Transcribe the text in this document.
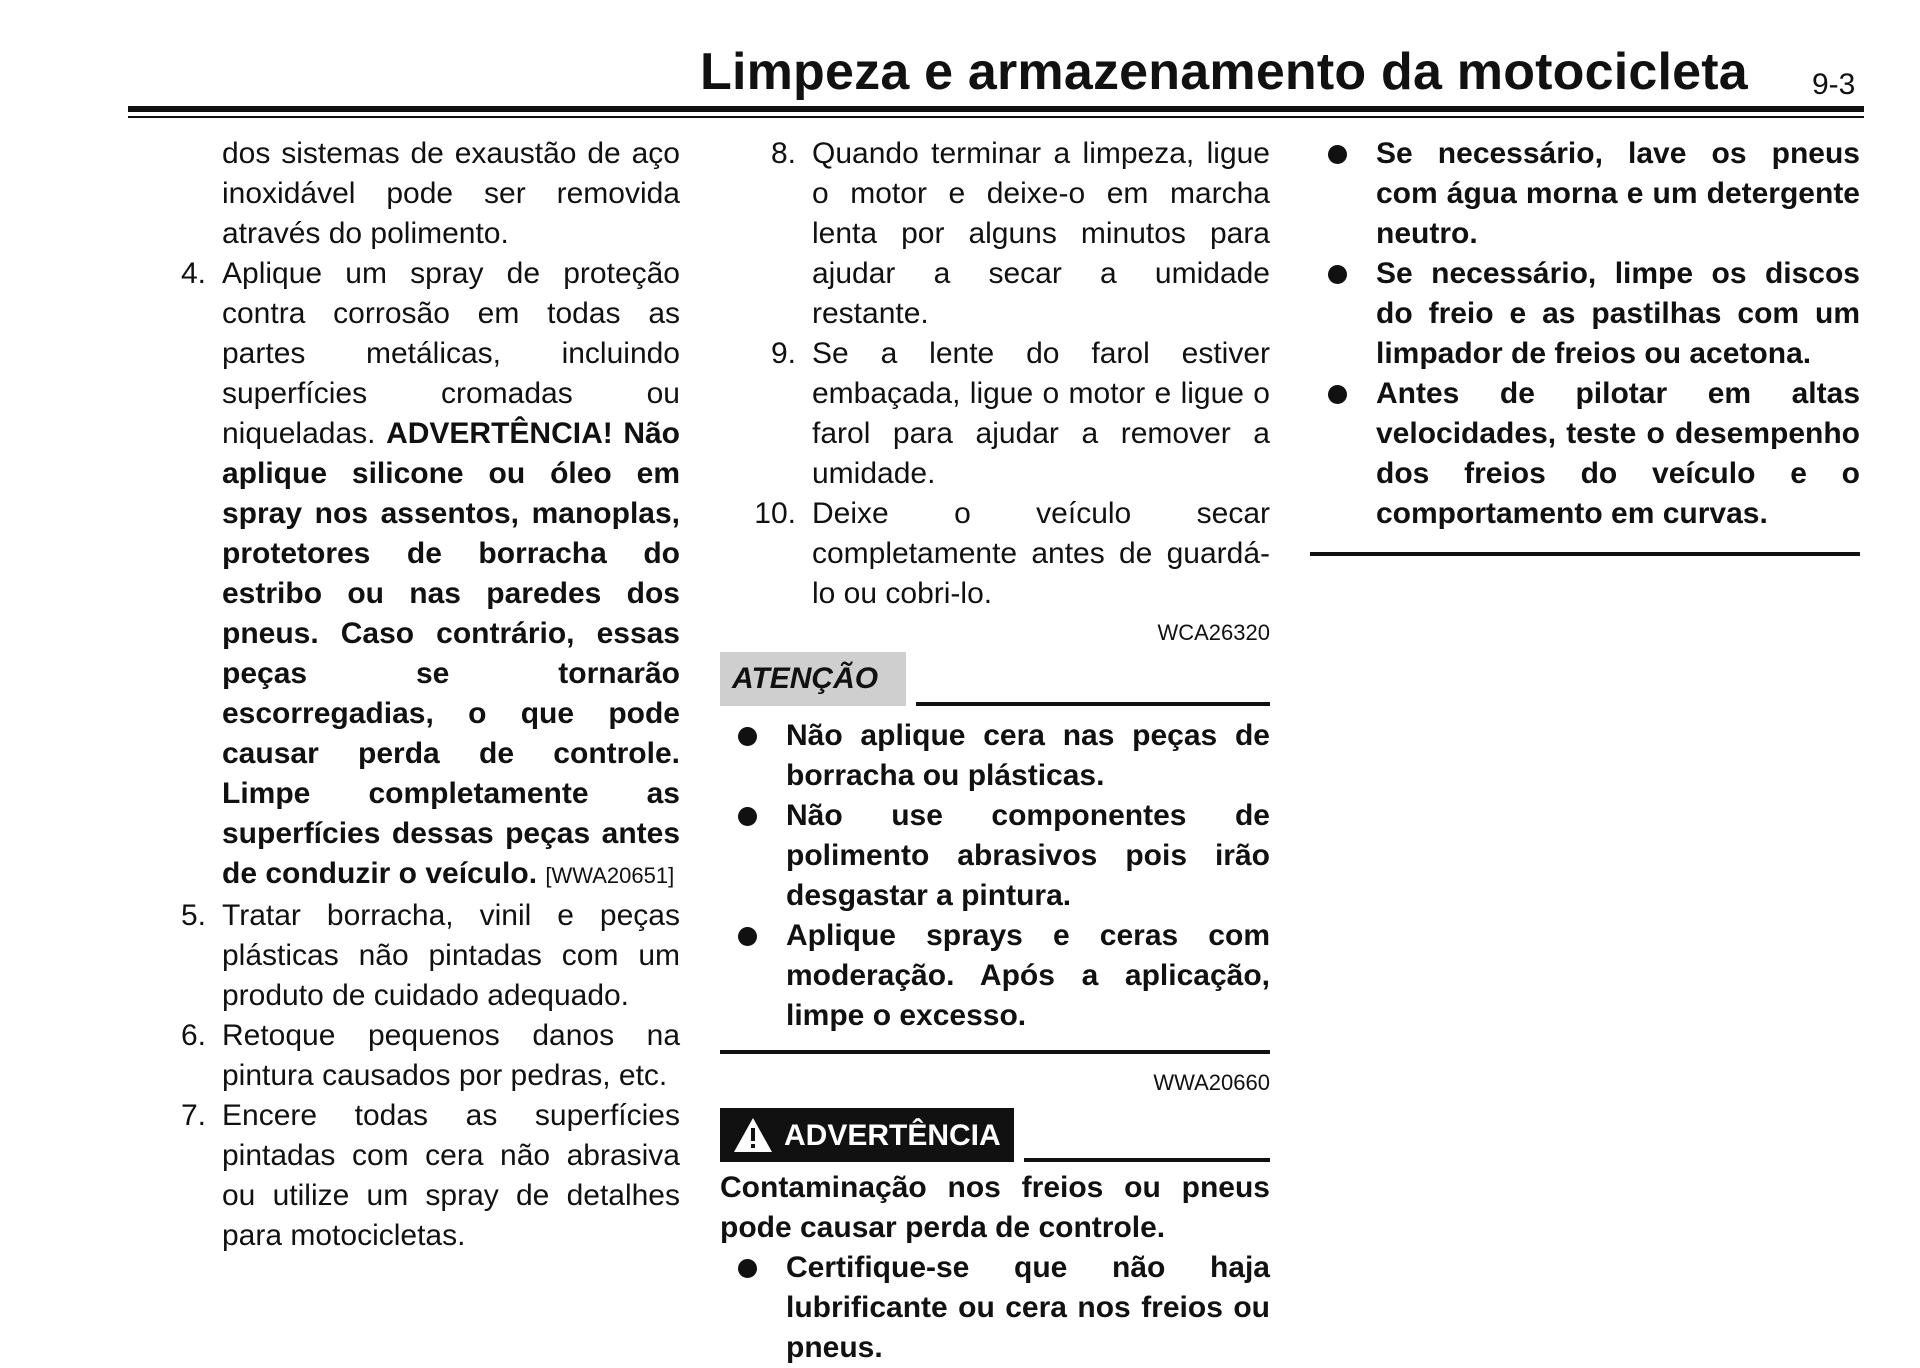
Limpeza e armazenamento da motocicleta 9-3
dos sistemas de exaustão de aço inoxidável pode ser removida através do polimento.
4. Aplique um spray de proteção contra corrosão em todas as partes metálicas, incluindo superfícies cromadas ou niqueladas. ADVERTÊNCIA! Não aplique silicone ou óleo em spray nos assentos, manoplas, protetores de borracha do estribo ou nas paredes dos pneus. Caso contrário, essas peças se tornarão escorregadias, o que pode causar perda de controle. Limpe completamente as superfícies dessas peças antes de conduzir o veículo. [WWA20651]
5. Tratar borracha, vinil e peças plásticas não pintadas com um produto de cuidado adequado.
6. Retoque pequenos danos na pintura causados por pedras, etc.
7. Encere todas as superfícies pintadas com cera não abrasiva ou utilize um spray de detalhes para motocicletas.
8. Quando terminar a limpeza, ligue o motor e deixe-o em marcha lenta por alguns minutos para ajudar a secar a umidade restante.
9. Se a lente do farol estiver embaçada, ligue o motor e ligue o farol para ajudar a remover a umidade.
10. Deixe o veículo secar completamente antes de guardá-lo ou cobri-lo.
WCA26320
ATENÇÃO
Não aplique cera nas peças de borracha ou plásticas.
Não use componentes de polimento abrasivos pois irão desgastar a pintura.
Aplique sprays e ceras com moderação. Após a aplicação, limpe o excesso.
WWA20660
ADVERTÊNCIA
Contaminação nos freios ou pneus pode causar perda de controle.
Certifique-se que não haja lubrificante ou cera nos freios ou pneus.
Se necessário, lave os pneus com água morna e um detergente neutro.
Se necessário, limpe os discos do freio e as pastilhas com um limpador de freios ou acetona.
Antes de pilotar em altas velocidades, teste o desempenho dos freios do veículo e o comportamento em curvas.
